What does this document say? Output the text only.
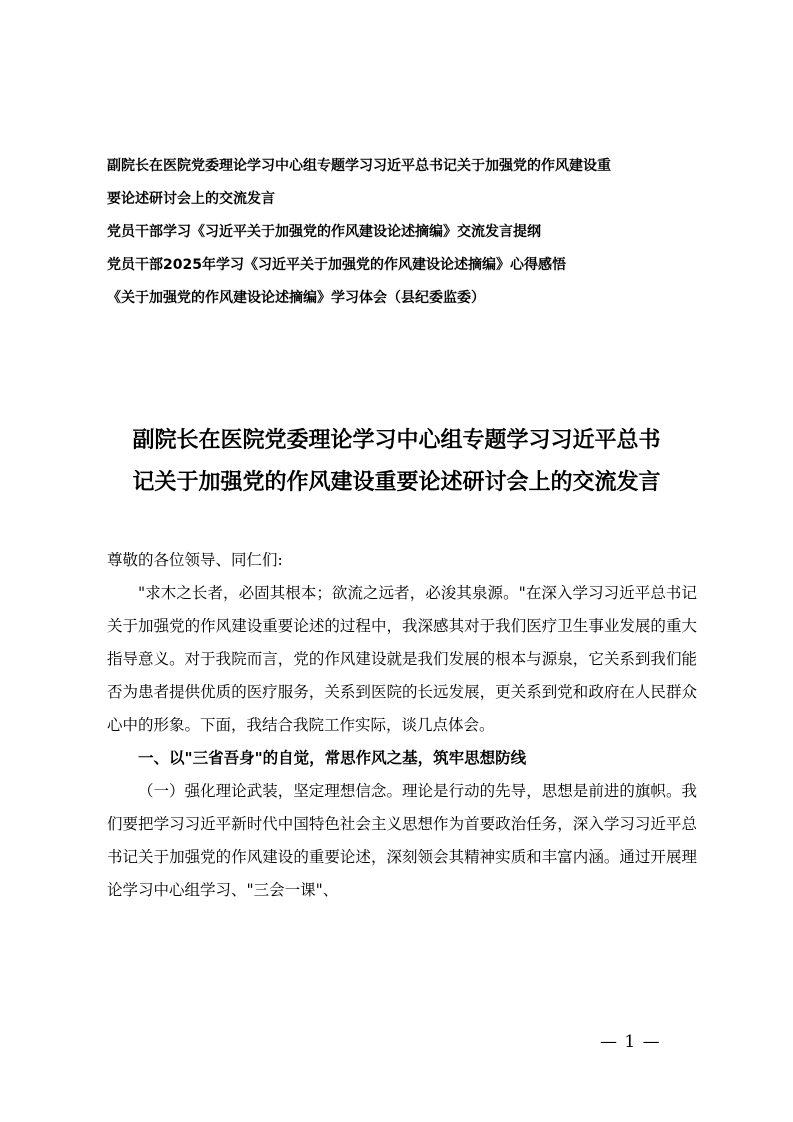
副院长在医院党委理论学习中心组专题学习习近平总书记关于加强党的作风建设重
要论述研讨会上的交流发言
党员干部学习《习近平关于加强党的作风建设论述摘编》交流发言提纲
党员干部2025年学习《习近平关于加强党的作风建设论述摘编》心得感悟
《关于加强党的作风建设论述摘编》学习体会（县纪委监委）
副院长在医院党委理论学习中心组专题学习习近平总书
记关于加强党的作风建设重要论述研讨会上的交流发言

尊敬的各位领导、同仁们:

"求木之长者，必固其根本；欲流之远者，必浚其泉源。"在深入学习习近平总书记关于加强党的作风建设重要论述的过程中，我深感其对于我们医疗卫生事业发展的重大指导意义。对于我院而言，党的作风建设就是我们发展的根本与源泉，它关系到我们能否为患者提供优质的医疗服务，关系到医院的长远发展，更关系到党和政府在人民群众心中的形象。下面，我结合我院工作实际，谈几点体会。

一、以"三省吾身"的自觉，常思作风之基，筑牢思想防线

（一）强化理论武装，坚定理想信念。理论是行动的先导，思想是前进的旗帜。我们要把学习习近平新时代中国特色社会主义思想作为首要政治任务，深入学习习近平总书记关于加强党的作风建设的重要论述，深刻领会其精神实质和丰富内涵。通过开展理论学习中心组学习、"三会一课"、

— 1 —
